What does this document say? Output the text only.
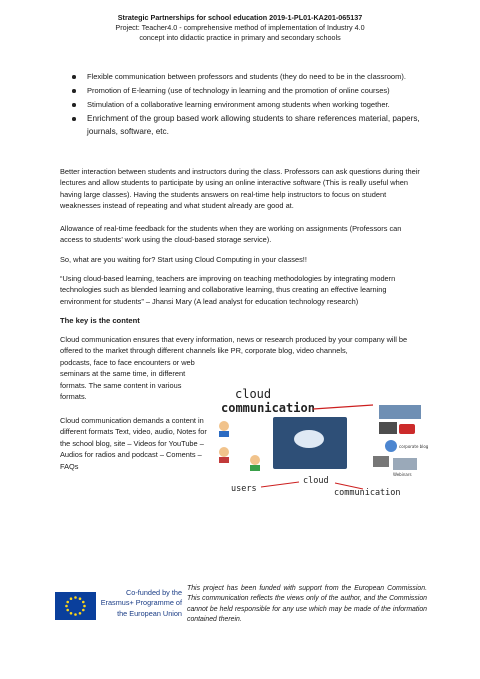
Strategic Partnerships for school education 2019-1-PL01-KA201-065137
Project: Teacher4.0 - comprehensive method of implementation of Industry 4.0
concept into didactic practice in primary and secondary schools
Flexible communication between professors and students (they do need to be in the classroom).
Promotion of E-learning (use of technology in learning and the promotion of online courses)
Stimulation of a collaborative learning environment among students when working together.
Enrichment of the group based work allowing students to share references material, papers, journals, software, etc.

Better interaction between students and instructors during the class. Professors can ask questions during their lectures and allow students to participate by using an online interactive software (This is really useful when having large classes). Having the students answers on real-time help instructors to focus on student weaknesses instead of repeating and what student already are good at.

Allowance of real-time feedback for the students when they are working on assignments (Professors can access to students’ work using the cloud-based storage service).

So, what are you waiting for? Start using Cloud Computing in your classes!!

“Using cloud-based learning, teachers are improving on teaching methodologies by integrating modern technologies such as blended learning and collaborative learning, thus creating an effective learning environment for students” – Jhansi Mary (A lead analyst for education technology research)

The key is the content

Cloud communication ensures that every information, news or research produced by your company will be offered to the market through different channels like PR, corporate blog, video channels,

podcasts, face to face encounters or web seminars at the same time, in different formats. The same content in various formats.

Cloud communication demands a content in different formats Text, video, audio, Notes for the school blog, site – Videos for YouTube – Audios for radios and podcast – Coments – FAQs

cloud
communication
corporate blog
Webinars
users
cloud
communication
Co-funded by the Erasmus+ Programme of the European Union

This project has been funded with support from the European Commission. This communication reflects the views only of the author, and the Commission cannot be held responsible for any use which may be made of the information contained therein.
